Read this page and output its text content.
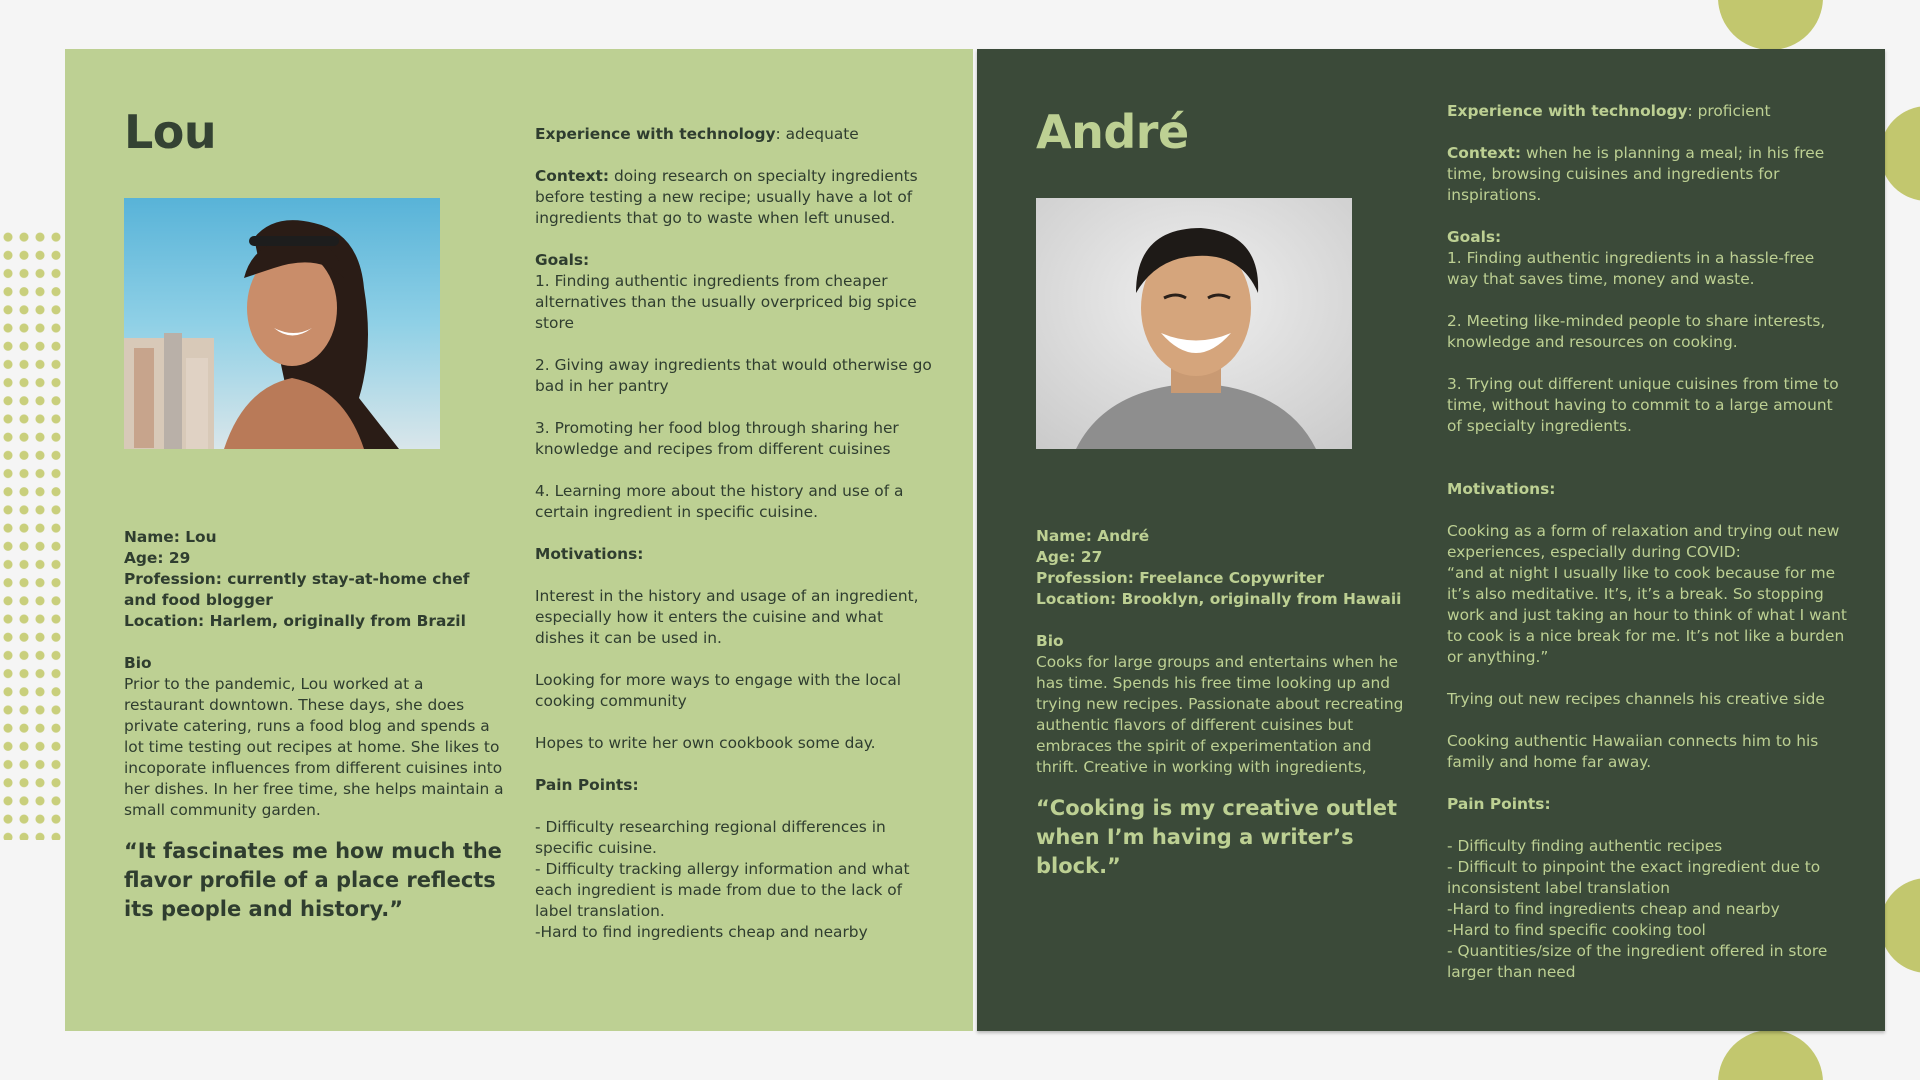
Lou
Name: Lou
Age: 29
Profession: currently stay-at-home chef and food blogger
Location: Harlem, originally from Brazil
Bio
Prior to the pandemic, Lou worked at a restaurant downtown. These days, she does private catering, runs a food blog and spends a lot time testing out recipes at home. She likes to incoporate influences from different cuisines into her dishes. In her free time, she helps maintain a small community garden.
“It fascinates me how much the flavor profile of a place reflects its people and history.”
Experience with technology: adequate
Context: doing research on specialty ingredients before testing a new recipe; usually have a lot of ingredients that go to waste when left unused.
Goals:
1. Finding authentic ingredients from cheaper alternatives than the usually overpriced big spice store
2. Giving away ingredients that would otherwise go bad in her pantry
3. Promoting her food blog through sharing her knowledge and recipes from different cuisines
4. Learning more about the history and use of a certain ingredient in specific cuisine.
Motivations:
Interest in the history and usage of an ingredient, especially how it enters the cuisine and what dishes it can be used in.
Looking for more ways to engage with the local cooking community
Hopes to write her own cookbook some day.
Pain Points:
- Difficulty researching regional differences in specific cuisine.
- Difficulty tracking allergy information and what each ingredient is made from due to the lack of label translation.
-Hard to find ingredients cheap and nearby
André
Name: André
Age: 27
Profession: Freelance Copywriter
Location: Brooklyn, originally from Hawaii
Bio
Cooks for large groups and entertains when he has time. Spends his free time looking up and trying new recipes. Passionate about recreating authentic flavors of different cuisines but embraces the spirit of experimentation and thrift. Creative in working with ingredients,
“Cooking is my creative outlet when I’m having a writer’s block.”
Experience with technology: proficient
Context: when he is planning a meal; in his free time, browsing cuisines and ingredients for inspirations.
Goals:
1. Finding authentic ingredients in a hassle-free way that saves time, money and waste.
2. Meeting like-minded people to share interests, knowledge and resources on cooking.
3. Trying out different unique cuisines from time to time, without having to commit to a large amount of specialty ingredients.
Motivations:
Cooking as a form of relaxation and trying out new experiences, especially during COVID:
“and at night I usually like to cook because for me it’s also meditative. It’s, it’s a break. So stopping work and just taking an hour to think of what I want to cook is a nice break for me. It’s not like a burden or anything.”
Trying out new recipes channels his creative side
Cooking authentic Hawaiian connects him to his family and home far away.
Pain Points:
- Difficulty finding authentic recipes
- Difficult to pinpoint the exact ingredient due to inconsistent label translation
-Hard to find ingredients cheap and nearby
-Hard to find specific cooking tool
- Quantities/size of the ingredient offered in store larger than need
